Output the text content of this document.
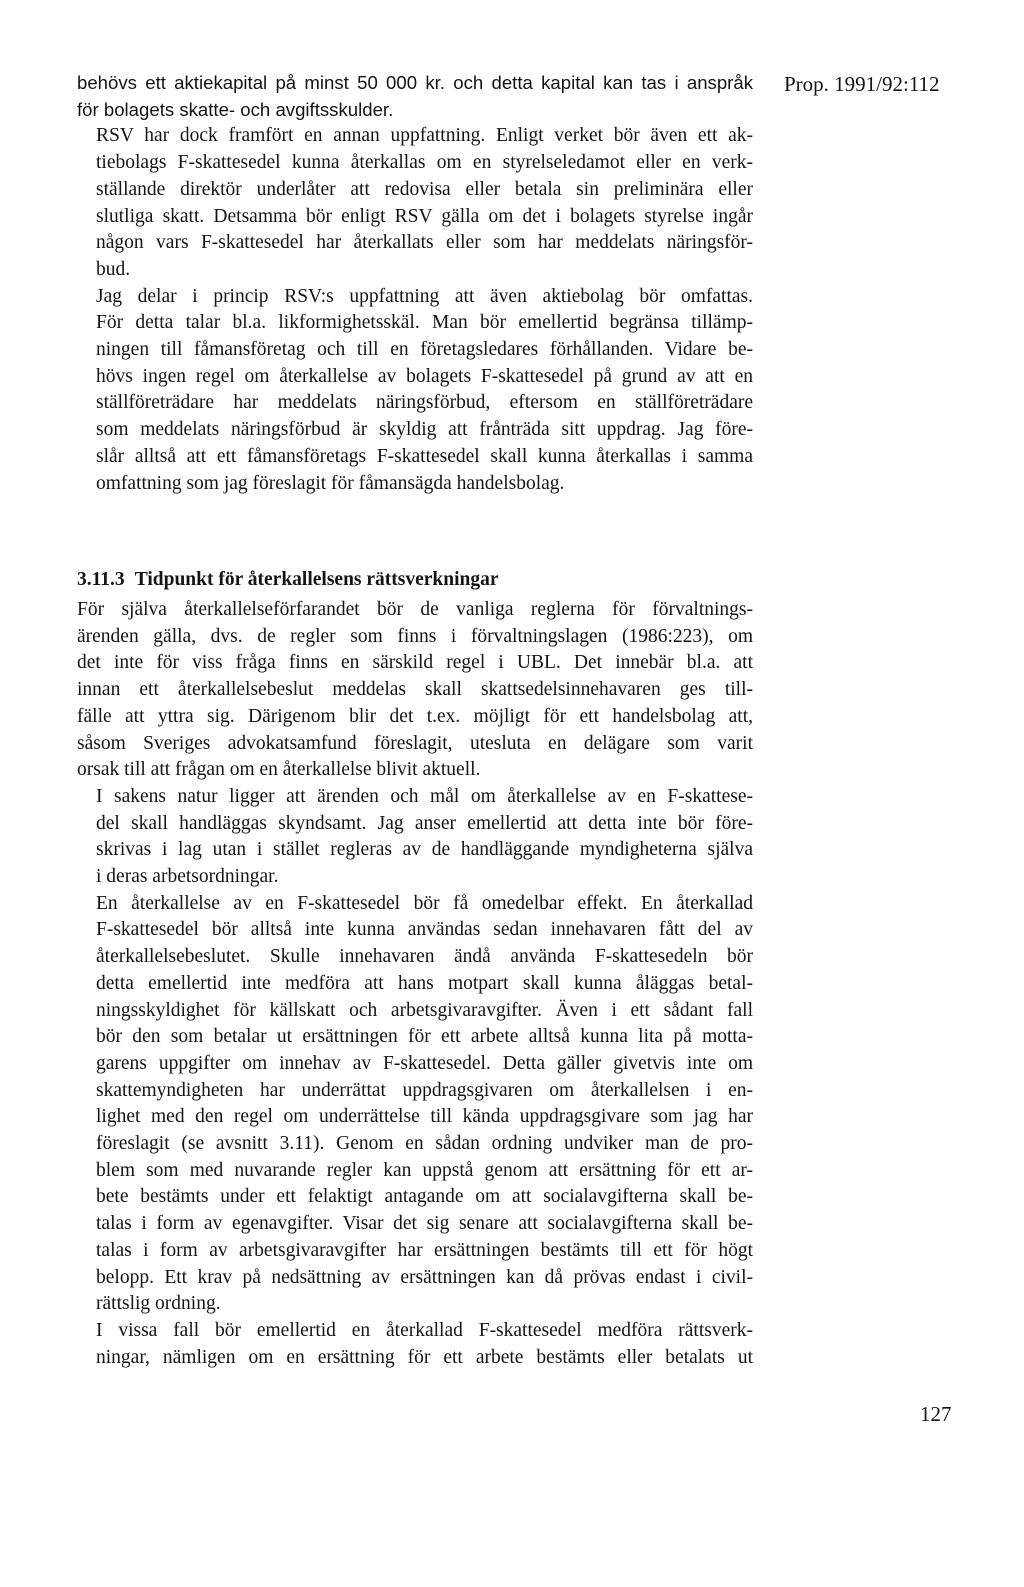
Prop. 1991/92:112

behövs ett aktiekapital på minst 50 000 kr. och detta kapital kan tas i anspråk
för bolagets skatte- och avgiftsskulder.

RSV har dock framfört en annan uppfattning. Enligt verket bör även ett ak-
tiebolags F-skattesedel kunna återkallas om en styrelseledamot eller en verk-
ställande direktör underlåter att redovisa eller betala sin preliminära eller
slutliga skatt. Detsamma bör enligt RSV gälla om det i bolagets styrelse ingår
någon vars F-skattesedel har återkallats eller som har meddelats näringsför-
bud.

Jag delar i princip RSV:s uppfattning att även aktiebolag bör omfattas.
För detta talar bl.a. likformighetsskäl. Man bör emellertid begränsa tillämp-
ningen till fåmansföretag och till en företagsledares förhållanden. Vidare be-
hövs ingen regel om återkallelse av bolagets F-skattesedel på grund av att en
ställföreträdare har meddelats näringsförbud, eftersom en ställföreträdare
som meddelats näringsförbud är skyldig att frånträda sitt uppdrag. Jag före-
slår alltså att ett fåmansföretags F-skattesedel skall kunna återkallas i samma
omfattning som jag föreslagit för fåmansägda handelsbolag.

3.11.3 Tidpunkt för återkallelsens rättsverkningar

För själva återkallelseförfarandet bör de vanliga reglerna för förvaltnings-
ärenden gälla, dvs. de regler som finns i förvaltningslagen (1986:223), om
det inte för viss fråga finns en särskild regel i UBL. Det innebär bl.a. att
innan ett återkallelsebeslut meddelas skall skattsedelsinnehavaren ges till-
fälle att yttra sig. Därigenom blir det t.ex. möjligt för ett handelsbolag att,
såsom Sveriges advokatsamfund föreslagit, utesluta en delägare som varit
orsak till att frågan om en återkallelse blivit aktuell.

I sakens natur ligger att ärenden och mål om återkallelse av en F-skattese-
del skall handläggas skyndsamt. Jag anser emellertid att detta inte bör före-
skrivas i lag utan i stället regleras av de handläggande myndigheterna själva
i deras arbetsordningar.

En återkallelse av en F-skattesedel bör få omedelbar effekt. En återkallad
F-skattesedel bör alltså inte kunna användas sedan innehavaren fått del av
återkallelsebeslutet. Skulle innehavaren ändå använda F-skattesedeln bör
detta emellertid inte medföra att hans motpart skall kunna åläggas betal-
ningsskyldighet för källskatt och arbetsgivaravgifter. Även i ett sådant fall
bör den som betalar ut ersättningen för ett arbete alltså kunna lita på motta-
garens uppgifter om innehav av F-skattesedel. Detta gäller givetvis inte om
skattemyndigheten har underrättat uppdragsgivaren om återkallelsen i en-
lighet med den regel om underrättelse till kända uppdragsgivare som jag har
föreslagit (se avsnitt 3.11). Genom en sådan ordning undviker man de pro-
blem som med nuvarande regler kan uppstå genom att ersättning för ett ar-
bete bestämts under ett felaktigt antagande om att socialavgifterna skall be-
talas i form av egenavgifter. Visar det sig senare att socialavgifterna skall be-
talas i form av arbetsgivaravgifter har ersättningen bestämts till ett för högt
belopp. Ett krav på nedsättning av ersättningen kan då prövas endast i civil-
rättslig ordning.

I vissa fall bör emellertid en återkallad F-skattesedel medföra rättsverk-
ningar, nämligen om en ersättning för ett arbete bestämts eller betalats ut

127
